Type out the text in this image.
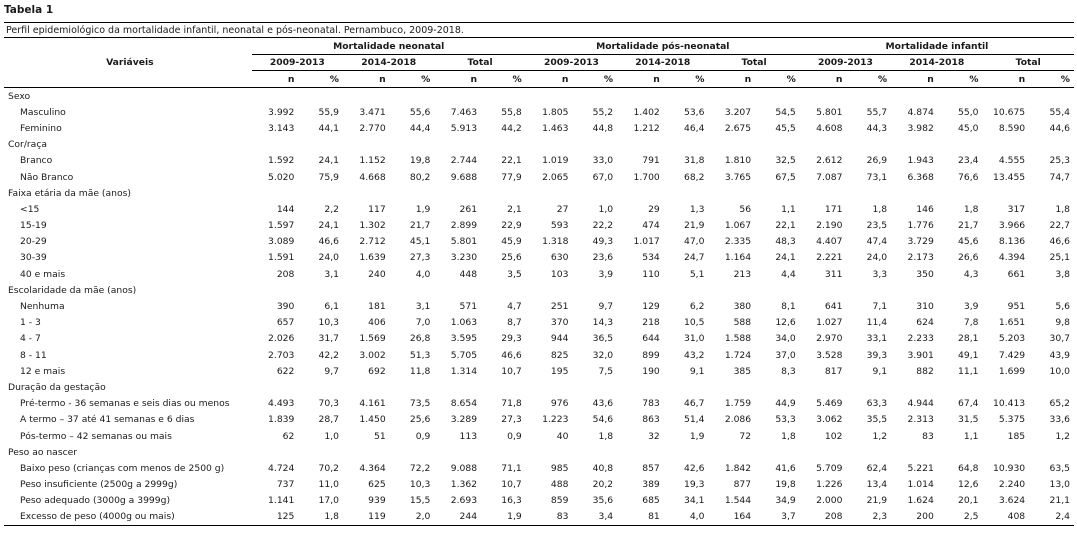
Tabela 1
Perfil epidemiológico da mortalidade infantil, neonatal e pós-neonatal. Pernambuco, 2009-2018.
	Mortalidade neonatal						Mortalidade pós-neonatal						Mortalidade infantil					
Variáveis	2009-2013		2014-2018		Total		2009-2013		2014-2018		Total		2009-2013		2014-2018		Total	
	n	%	n	%	n	%	n	%	n	%	n	%	n	%	n	%	n	%
Sexo																		
Masculino	3.992	55,9	3.471	55,6	7.463	55,8	1.805	55,2	1.402	53,6	3.207	54,5	5.801	55,7	4.874	55,0	10.675	55,4
Feminino	3.143	44,1	2.770	44,4	5.913	44,2	1.463	44,8	1.212	46,4	2.675	45,5	4.608	44,3	3.982	45,0	8.590	44,6
Cor/raça																		
Branco	1.592	24,1	1.152	19,8	2.744	22,1	1.019	33,0	791	31,8	1.810	32,5	2.612	26,9	1.943	23,4	4.555	25,3
Não Branco	5.020	75,9	4.668	80,2	9.688	77,9	2.065	67,0	1.700	68,2	3.765	67,5	7.087	73,1	6.368	76,6	13.455	74,7
Faixa etária da mãe (anos)																		
<15	144	2,2	117	1,9	261	2,1	27	1,0	29	1,3	56	1,1	171	1,8	146	1,8	317	1,8
15-19	1.597	24,1	1.302	21,7	2.899	22,9	593	22,2	474	21,9	1.067	22,1	2.190	23,5	1.776	21,7	3.966	22,7
20-29	3.089	46,6	2.712	45,1	5.801	45,9	1.318	49,3	1.017	47,0	2.335	48,3	4.407	47,4	3.729	45,6	8.136	46,6
30-39	1.591	24,0	1.639	27,3	3.230	25,6	630	23,6	534	24,7	1.164	24,1	2.221	24,0	2.173	26,6	4.394	25,1
40 e mais	208	3,1	240	4,0	448	3,5	103	3,9	110	5,1	213	4,4	311	3,3	350	4,3	661	3,8
Escolaridade da mãe (anos)																		
Nenhuma	390	6,1	181	3,1	571	4,7	251	9,7	129	6,2	380	8,1	641	7,1	310	3,9	951	5,6
1 - 3	657	10,3	406	7,0	1.063	8,7	370	14,3	218	10,5	588	12,6	1.027	11,4	624	7,8	1.651	9,8
4 - 7	2.026	31,7	1.569	26,8	3.595	29,3	944	36,5	644	31,0	1.588	34,0	2.970	33,1	2.233	28,1	5.203	30,7
8 - 11	2.703	42,2	3.002	51,3	5.705	46,6	825	32,0	899	43,2	1.724	37,0	3.528	39,3	3.901	49,1	7.429	43,9
12 e mais	622	9,7	692	11,8	1.314	10,7	195	7,5	190	9,1	385	8,3	817	9,1	882	11,1	1.699	10,0
Duração da gestação																		
Pré-termo - 36 semanas e seis dias ou menos	4.493	70,3	4.161	73,5	8.654	71,8	976	43,6	783	46,7	1.759	44,9	5.469	63,3	4.944	67,4	10.413	65,2
A termo – 37 até 41 semanas e 6 dias	1.839	28,7	1.450	25,6	3.289	27,3	1.223	54,6	863	51,4	2.086	53,3	3.062	35,5	2.313	31,5	5.375	33,6
Pós-termo – 42 semanas ou mais	62	1,0	51	0,9	113	0,9	40	1,8	32	1,9	72	1,8	102	1,2	83	1,1	185	1,2
Peso ao nascer																		
Baixo peso (crianças com menos de 2500 g)	4.724	70,2	4.364	72,2	9.088	71,1	985	40,8	857	42,6	1.842	41,6	5.709	62,4	5.221	64,8	10.930	63,5
Peso insuficiente (2500g a 2999g)	737	11,0	625	10,3	1.362	10,7	488	20,2	389	19,3	877	19,8	1.226	13,4	1.014	12,6	2.240	13,0
Peso adequado (3000g a 3999g)	1.141	17,0	939	15,5	2.693	16,3	859	35,6	685	34,1	1.544	34,9	2.000	21,9	1.624	20,1	3.624	21,1
Excesso de peso (4000g ou mais)	125	1,8	119	2,0	244	1,9	83	3,4	81	4,0	164	3,7	208	2,3	200	2,5	408	2,4
